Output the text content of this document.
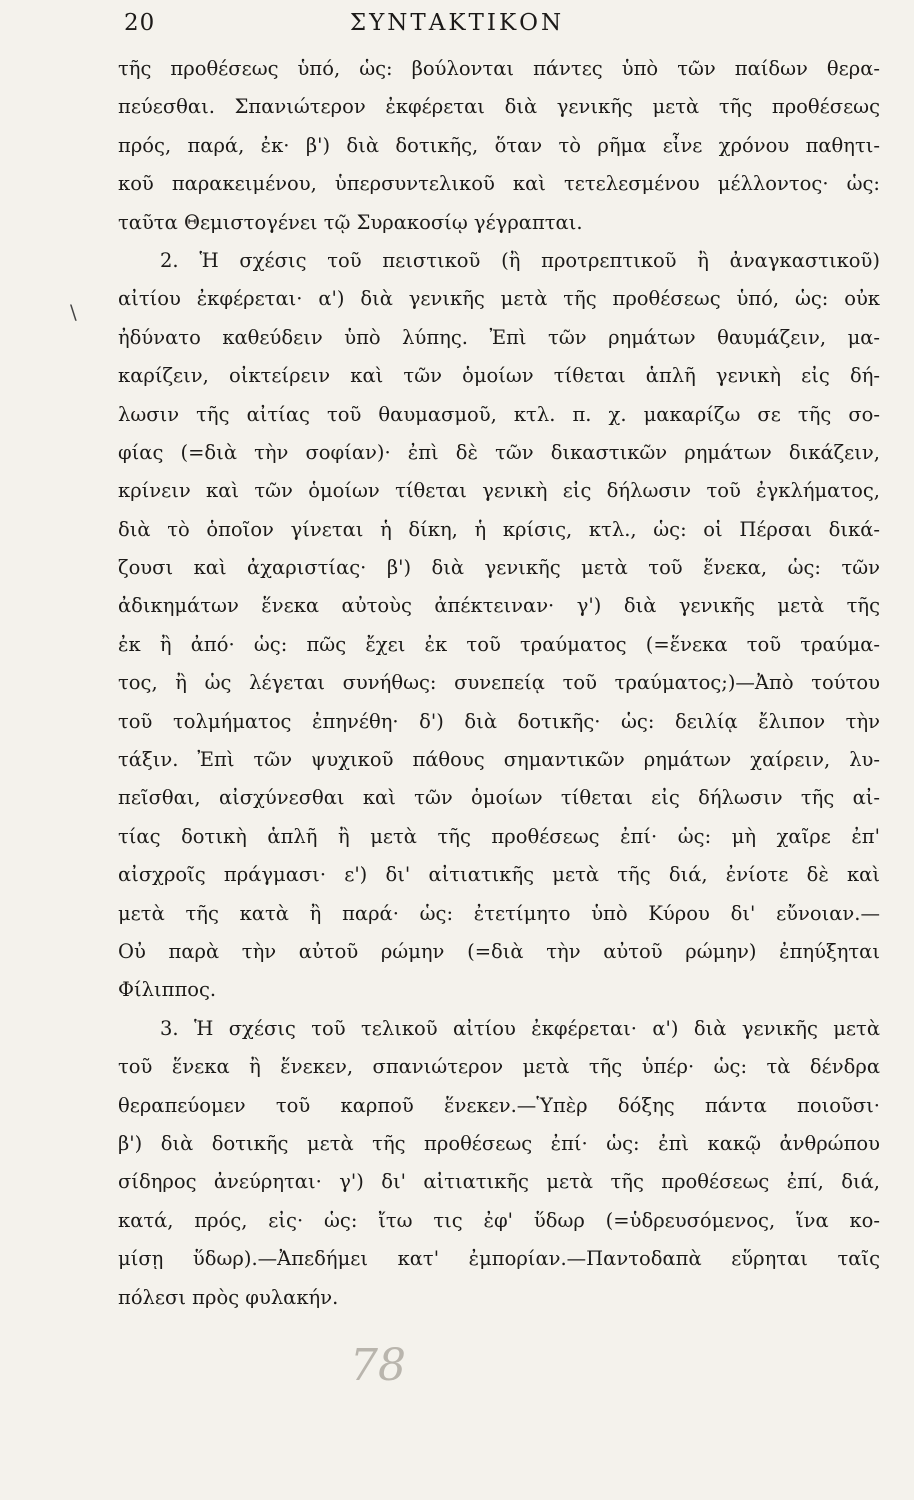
20	ΣΥΝΤΑΚΤΙΚΟΝ
\
τῆς προθέσεως ὑπό, ὡς: βούλονται πάντες ὑπὸ τῶν παίδων θερα-
πεύεσθαι. Σπανιώτερον ἐκφέρεται διὰ γενικῆς μετὰ τῆς προθέσεως
πρός, παρά, ἐκ· β') διὰ δοτικῆς, ὅταν τὸ ρῆμα εἶνε χρόνου παθητι-
κοῦ παρακειμένου, ὑπερσυντελικοῦ καὶ τετελεσμένου μέλλοντος· ὡς:
ταῦτα Θεμιστογένει τῷ Συρακοσίῳ γέγραπται.
2. Ἡ σχέσις τοῦ πειστικοῦ (ἢ προτρεπτικοῦ ἢ ἀναγκαστικοῦ)
αἰτίου ἐκφέρεται· α') διὰ γενικῆς μετὰ τῆς προθέσεως ὑπό, ὡς: οὐκ
ἠδύνατο καθεύδειν ὑπὸ λύπης. Ἐπὶ τῶν ρημάτων θαυμάζειν, μα-
καρίζειν, οἰκτείρειν καὶ τῶν ὁμοίων τίθεται ἁπλῆ γενικὴ εἰς δή-
λωσιν τῆς αἰτίας τοῦ θαυμασμοῦ, κτλ. π. χ. μακαρίζω σε τῆς σο-
φίας (=διὰ τὴν σοφίαν)· ἐπὶ δὲ τῶν δικαστικῶν ρημάτων δικάζειν,
κρίνειν καὶ τῶν ὁμοίων τίθεται γενικὴ εἰς δήλωσιν τοῦ ἐγκλήματος,
διὰ τὸ ὁποῖον γίνεται ἡ δίκη, ἡ κρίσις, κτλ., ὡς: οἱ Πέρσαι δικά-
ζουσι καὶ ἀχαριστίας· β') διὰ γενικῆς μετὰ τοῦ ἕνεκα, ὡς: τῶν
ἀδικημάτων ἕνεκα αὐτοὺς ἀπέκτειναν· γ') διὰ γενικῆς μετὰ τῆς
ἐκ ἢ ἀπό· ὡς: πῶς ἔχει ἐκ τοῦ τραύματος (=ἕνεκα τοῦ τραύμα-
τος, ἢ ὡς λέγεται συνήθως: συνεπείᾳ τοῦ τραύματος;)—Ἀπὸ τούτου
τοῦ τολμήματος ἐπηνέθη· δ') διὰ δοτικῆς· ὡς: δειλίᾳ ἔλιπον τὴν
τάξιν. Ἐπὶ τῶν ψυχικοῦ πάθους σημαντικῶν ρημάτων χαίρειν, λυ-
πεῖσθαι, αἰσχύνεσθαι καὶ τῶν ὁμοίων τίθεται εἰς δήλωσιν τῆς αἰ-
τίας δοτικὴ ἁπλῆ ἢ μετὰ τῆς προθέσεως ἐπί· ὡς: μὴ χαῖρε ἐπ'
αἰσχροῖς πράγμασι· ε') δι' αἰτιατικῆς μετὰ τῆς διά, ἐνίοτε δὲ καὶ
μετὰ τῆς κατὰ ἢ παρά· ὡς: ἐτετίμητο ὑπὸ Κύρου δι' εὔνοιαν.—
Οὐ παρὰ τὴν αὐτοῦ ρώμην (=διὰ τὴν αὐτοῦ ρώμην) ἐπηύξηται
Φίλιππος.
3. Ἡ σχέσις τοῦ τελικοῦ αἰτίου ἐκφέρεται· α') διὰ γενικῆς μετὰ
τοῦ ἕνεκα ἢ ἕνεκεν, σπανιώτερον μετὰ τῆς ὑπέρ· ὡς: τὰ δένδρα
θεραπεύομεν τοῦ καρποῦ ἕνεκεν.—Ὑπὲρ δόξης πάντα ποιοῦσι·
β') διὰ δοτικῆς μετὰ τῆς προθέσεως ἐπί· ὡς: ἐπὶ κακῷ ἀνθρώπου
σίδηρος ἀνεύρηται· γ') δι' αἰτιατικῆς μετὰ τῆς προθέσεως ἐπί, διά,
κατά, πρός, εἰς· ὡς: ἴτω τις ἐφ' ὕδωρ (=ὑδρευσόμενος, ἵνα κο-
μίσῃ ὕδωρ).—Ἀπεδήμει κατ' ἐμπορίαν.—Παντοδαπὰ εὕρηται ταῖς
πόλεσι πρὸς φυλακήν.
78
